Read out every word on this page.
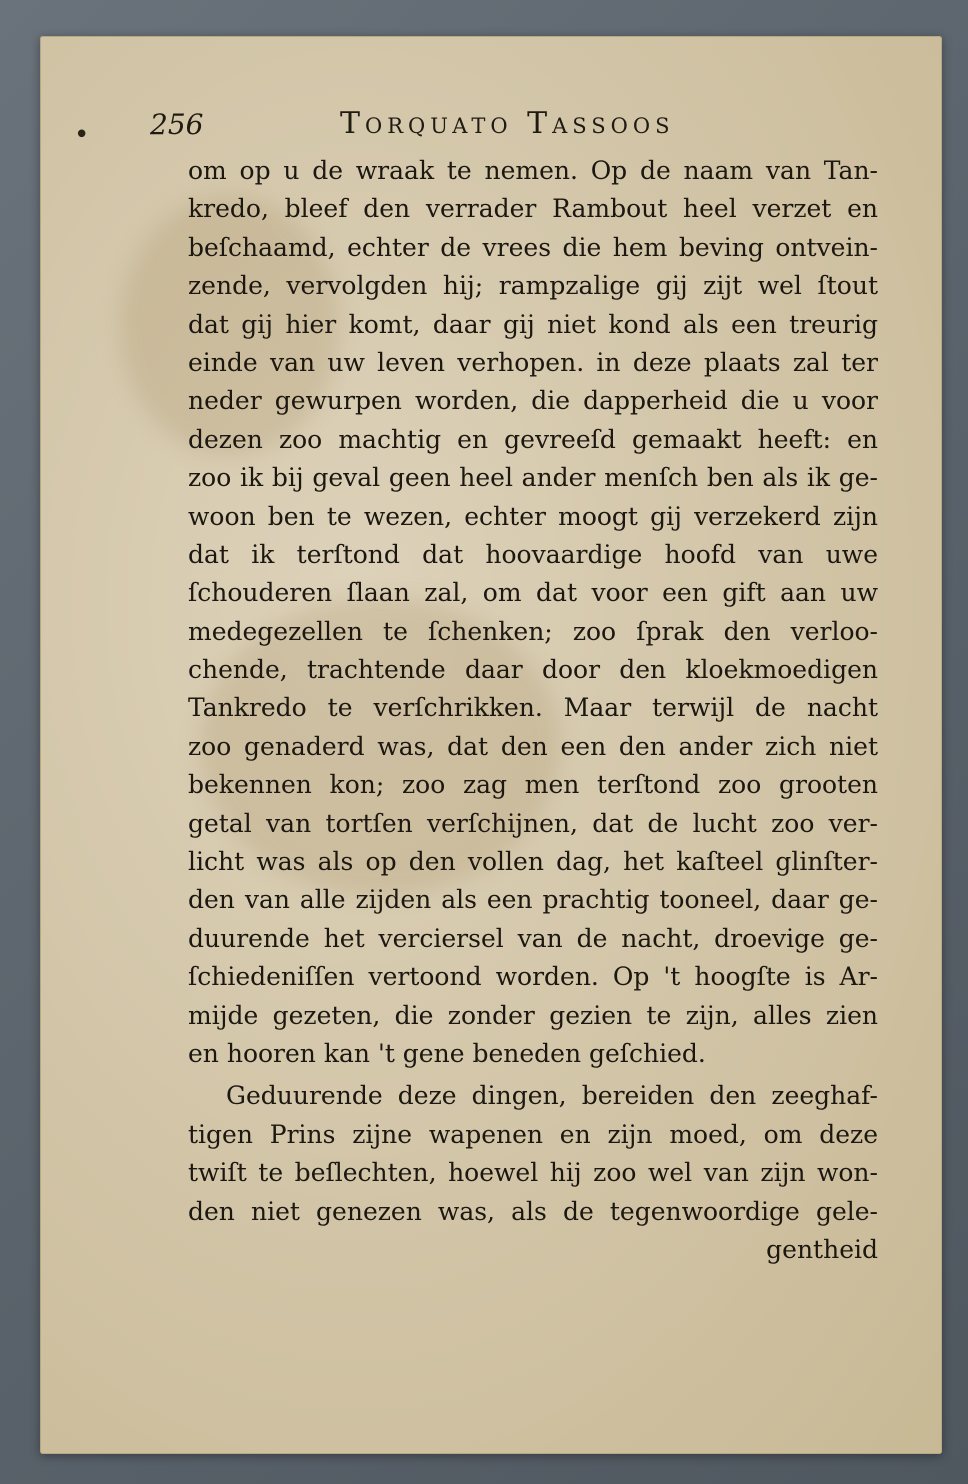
• 256	Torquato Tassoos
om op u de wraak te nemen. Op de naam van Tan-
kredo, bleef den verrader Rambout heel verzet en
beſchaamd, echter de vrees die hem beving ontvein-
zende, vervolgden hij; rampzalige gij zijt wel ſtout
dat gij hier komt, daar gij niet kond als een treurig
einde van uw leven verhopen. in deze plaats zal ter
neder gewurpen worden, die dapperheid die u voor
dezen zoo machtig en gevreeſd gemaakt heeft: en
zoo ik bij geval geen heel ander menſch ben als ik ge-
woon ben te wezen, echter moogt gij verzekerd zijn
dat ik terſtond dat hoovaardige hoofd van uwe
ſchouderen ſlaan zal, om dat voor een gift aan uw
medegezellen te ſchenken; zoo ſprak den verloo-
chende, trachtende daar door den kloekmoedigen
Tankredo te verſchrikken. Maar terwijl de nacht
zoo genaderd was, dat den een den ander zich niet
bekennen kon; zoo zag men terſtond zoo grooten
getal van tortſen verſchijnen, dat de lucht zoo ver-
licht was als op den vollen dag, het kaſteel glinſter-
den van alle zijden als een prachtig tooneel, daar ge-
duurende het verciersel van de nacht, droevige ge-
ſchiedeniſſen vertoond worden. Op 't hoogſte is Ar-
mijde gezeten, die zonder gezien te zijn, alles zien
en hooren kan 't gene beneden geſchied.
Geduurende deze dingen, bereiden den zeeghaf-
tigen Prins zijne wapenen en zijn moed, om deze
twiſt te beſlechten, hoewel hij zoo wel van zijn won-
den niet genezen was, als de tegenwoordige gele-
gentheid
